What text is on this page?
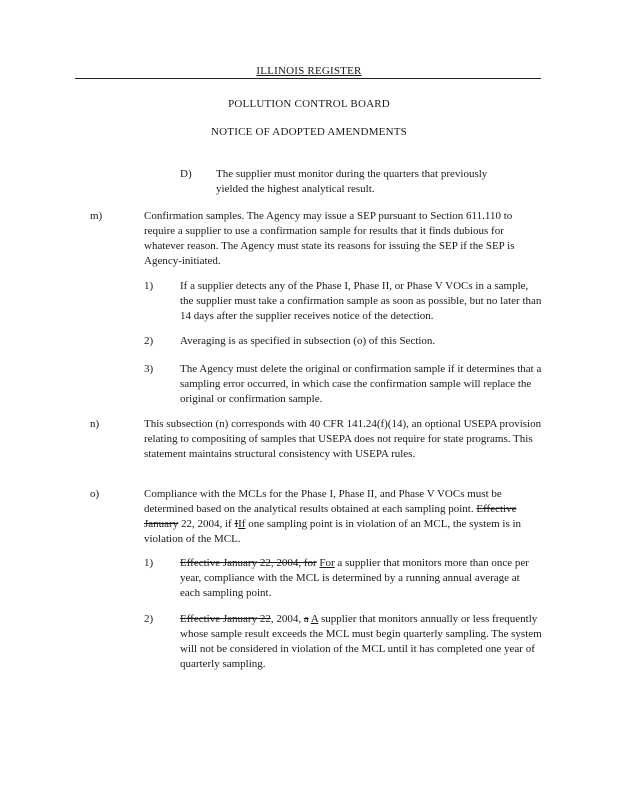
ILLINOIS REGISTER
POLLUTION CONTROL BOARD
NOTICE OF ADOPTED AMENDMENTS
D) The supplier must monitor during the quarters that previously yielded the highest analytical result.
m)	Confirmation samples. The Agency may issue a SEP pursuant to Section 611.110 to require a supplier to use a confirmation sample for results that it finds dubious for whatever reason. The Agency must state its reasons for issuing the SEP if the SEP is Agency-initiated.
1) If a supplier detects any of the Phase I, Phase II, or Phase V VOCs in a sample, the supplier must take a confirmation sample as soon as possible, but no later than 14 days after the supplier receives notice of the detection.
2) Averaging is as specified in subsection (o) of this Section.
3) The Agency must delete the original or confirmation sample if it determines that a sampling error occurred, in which case the confirmation sample will replace the original or confirmation sample.
n)	This subsection (n) corresponds with 40 CFR 141.24(f)(14), an optional USEPA provision relating to compositing of samples that USEPA does not require for state programs. This statement maintains structural consistency with USEPA rules.
o)	Compliance with the MCLs for the Phase I, Phase II, and Phase V VOCs must be determined based on the analytical results obtained at each sampling point. Effective January 22, 2004, if IIf one sampling point is in violation of an MCL, the system is in violation of the MCL.
1) Effective January 22, 2004, for For a supplier that monitors more than once per year, compliance with the MCL is determined by a running annual average at each sampling point.
2) Effective January 22, 2004, a A supplier that monitors annually or less frequently whose sample result exceeds the MCL must begin quarterly sampling. The system will not be considered in violation of the MCL until it has completed one year of quarterly sampling.
